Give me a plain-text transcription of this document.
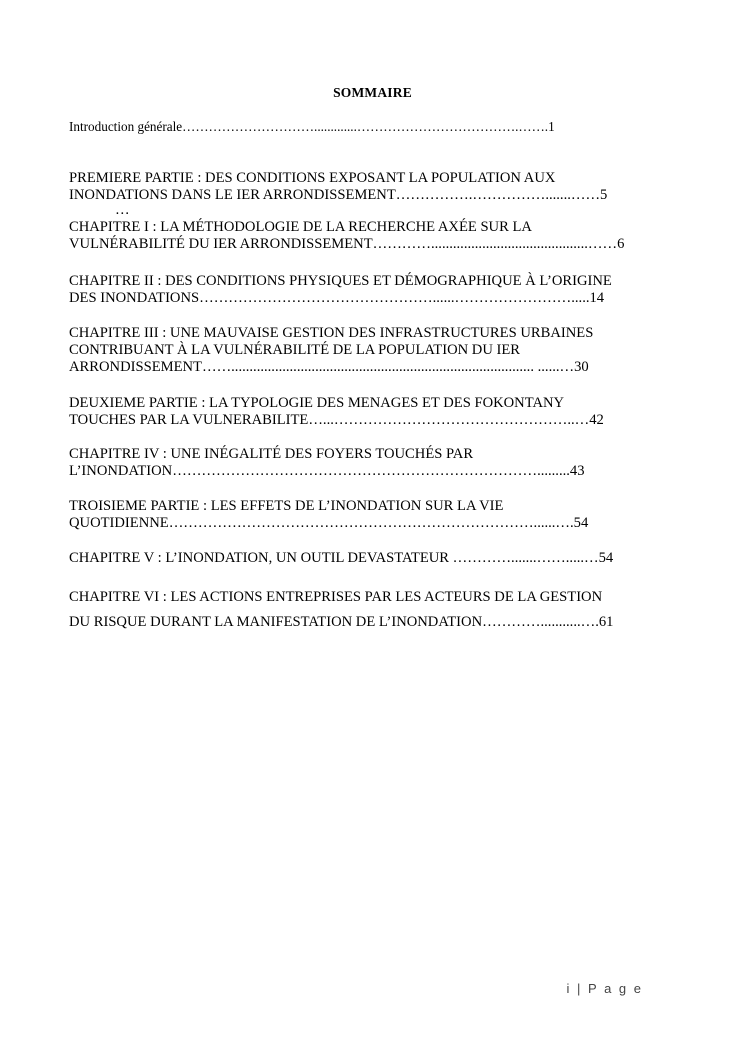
SOMMAIRE
Introduction générale………………………….............……………………………….…….1
PREMIERE PARTIE : DES CONDITIONS EXPOSANT LA POPULATION AUX
INONDATIONS DANS LE IER ARRONDISSEMENT…………….…………….......……5
…
CHAPITRE I : LA MÉTHODOLOGIE DE LA RECHERCHE AXÉE SUR LA
VULNÉRABILITÉ DU IER ARRONDISSEMENT…………...........................................……6
CHAPITRE II : DES CONDITIONS PHYSIQUES ET DÉMOGRAPHIQUE À L’ORIGINE
DES INONDATIONS…………………………………………......…………………….....14
CHAPITRE III : UNE MAUVAISE GESTION DES INFRASTRUCTURES URBAINES
CONTRIBUANT À LA VULNÉRABILITÉ DE LA POPULATION DU IER
ARRONDISSEMENT……................................................................................... ......…30
DEUXIEME PARTIE : LA TYPOLOGIE DES MENAGES ET DES FOKONTANY
TOUCHES PAR LA VULNERABILITE…...…………………………………………..…42
CHAPITRE IV : UNE INÉGALITÉ DES FOYERS TOUCHÉS PAR
L’INONDATION………………………………………………………………….........43
TROISIEME PARTIE : LES EFFETS DE L’INONDATION SUR LA VIE
QUOTIDIENNE…………………………………………………………………......….54
CHAPITRE V : L’INONDATION, UN OUTIL DEVASTATEUR ………….......…….....…54
CHAPITRE VI : LES ACTIONS ENTREPRISES PAR LES ACTEURS DE LA GESTION
DU RISQUE DURANT LA MANIFESTATION DE L’INONDATION…………...........….61
i | P a g e
